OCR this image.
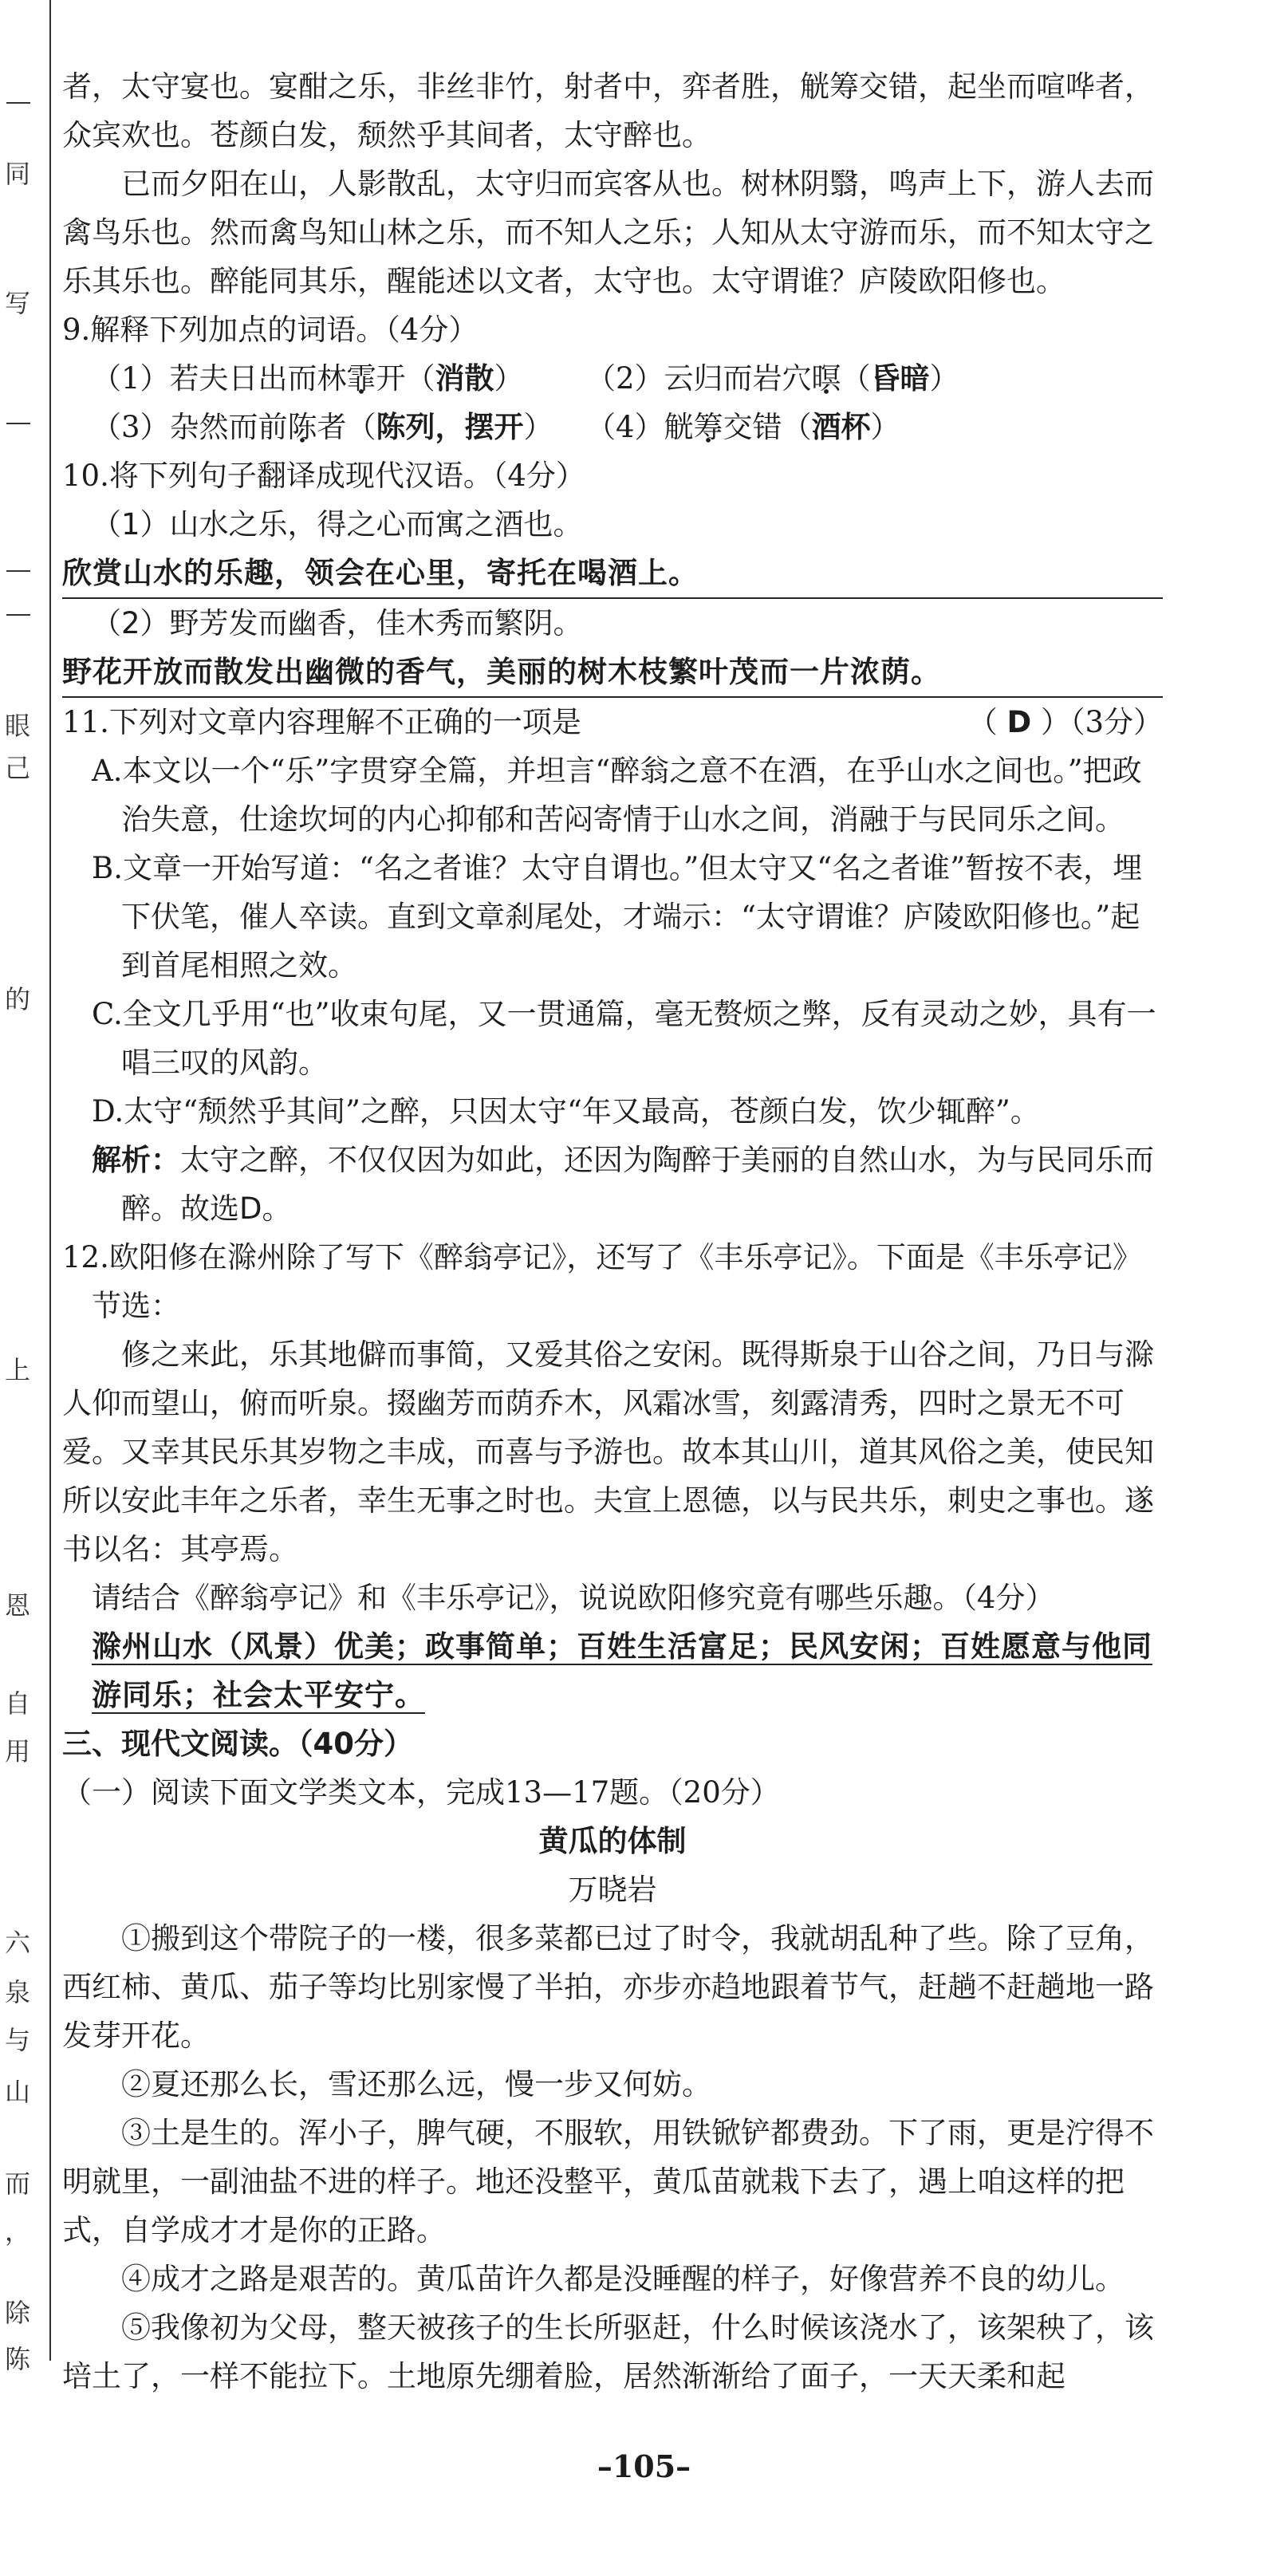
同
写
眼
己
的
上
恩
自
用
六
泉
与
山
而
，
除
陈

者，太守宴也。宴酣之乐，非丝非竹，射者中，弈者胜，觥筹交错，起坐而喧哗者，

众宾欢也。苍颜白发，颓然乎其间者，太守醉也。

已而夕阳在山，人影散乱，太守归而宾客从也。树林阴翳，鸣声上下，游人去而禽鸟乐也。然而禽鸟知山林之乐，而不知人之乐；人知从太守游而乐，而不知太守之乐其乐也。醉能同其乐，醒能述以文者，太守也。太守谓谁？庐陵欧阳修也。

9.解释下列加点的词语。（4分）

（1）若夫日出而林霏开（消散）	（2）云归而岩穴暝（昏暗）
（3）杂然而前陈者（陈列，摆开）	（4）觥筹交错（酒杯）

10.将下列句子翻译成现代汉语。（4分）

（1）山水之乐，得之心而寓之酒也。

欣赏山水的乐趣，领会在心里，寄托在喝酒上。

（2）野芳发而幽香，佳木秀而繁阴。

野花开放而散发出幽微的香气，美丽的树木枝繁叶茂而一片浓荫。

11.下列对文章内容理解不正确的一项是	（ D ）（3分）

A.本文以一个“乐”字贯穿全篇，并坦言“醉翁之意不在酒，在乎山水之间也。”把政治失意，仕途坎坷的内心抑郁和苦闷寄情于山水之间，消融于与民同乐之间。

B.文章一开始写道：“名之者谁？太守自谓也。”但太守又“名之者谁”暂按不表，埋下伏笔，催人卒读。直到文章刹尾处，才端示：“太守谓谁？庐陵欧阳修也。”起到首尾相照之效。

C.全文几乎用“也”收束句尾，又一贯通篇，毫无赘烦之弊，反有灵动之妙，具有一唱三叹的风韵。

D.太守“颓然乎其间”之醉，只因太守“年又最高，苍颜白发，饮少辄醉”。

解析：太守之醉，不仅仅因为如此，还因为陶醉于美丽的自然山水，为与民同乐而醉。故选D。

12.欧阳修在滁州除了写下《醉翁亭记》，还写了《丰乐亭记》。下面是《丰乐亭记》节选：

修之来此，乐其地僻而事简，又爱其俗之安闲。既得斯泉于山谷之间，乃日与滁人仰而望山，俯而听泉。掇幽芳而荫乔木，风霜冰雪，刻露清秀，四时之景无不可爱。又幸其民乐其岁物之丰成，而喜与予游也。故本其山川，道其风俗之美，使民知所以安此丰年之乐者，幸生无事之时也。夫宣上恩德，以与民共乐，刺史之事也。遂书以名：其亭焉。

请结合《醉翁亭记》和《丰乐亭记》，说说欧阳修究竟有哪些乐趣。（4分）

滁州山水（风景）优美；政事简单；百姓生活富足；民风安闲；百姓愿意与他同游同乐；社会太平安宁。

三、现代文阅读。（40分）

（一）阅读下面文学类文本，完成13—17题。（20分）

黄瓜的体制

万晓岩

①搬到这个带院子的一楼，很多菜都已过了时令，我就胡乱种了些。除了豆角，西红柿、黄瓜、茄子等均比别家慢了半拍，亦步亦趋地跟着节气，赶趟不赶趟地一路发芽开花。

②夏还那么长，雪还那么远，慢一步又何妨。

③土是生的。浑小子，脾气硬，不服软，用铁锨铲都费劲。下了雨，更是泞得不明就里，一副油盐不进的样子。地还没整平，黄瓜苗就栽下去了，遇上咱这样的把式，自学成才才是你的正路。

④成才之路是艰苦的。黄瓜苗许久都是没睡醒的样子，好像营养不良的幼儿。

⑤我像初为父母，整天被孩子的生长所驱赶，什么时候该浇水了，该架秧了，该培土了，一样不能拉下。土地原先绷着脸，居然渐渐给了面子，一天天柔和起

–105–
